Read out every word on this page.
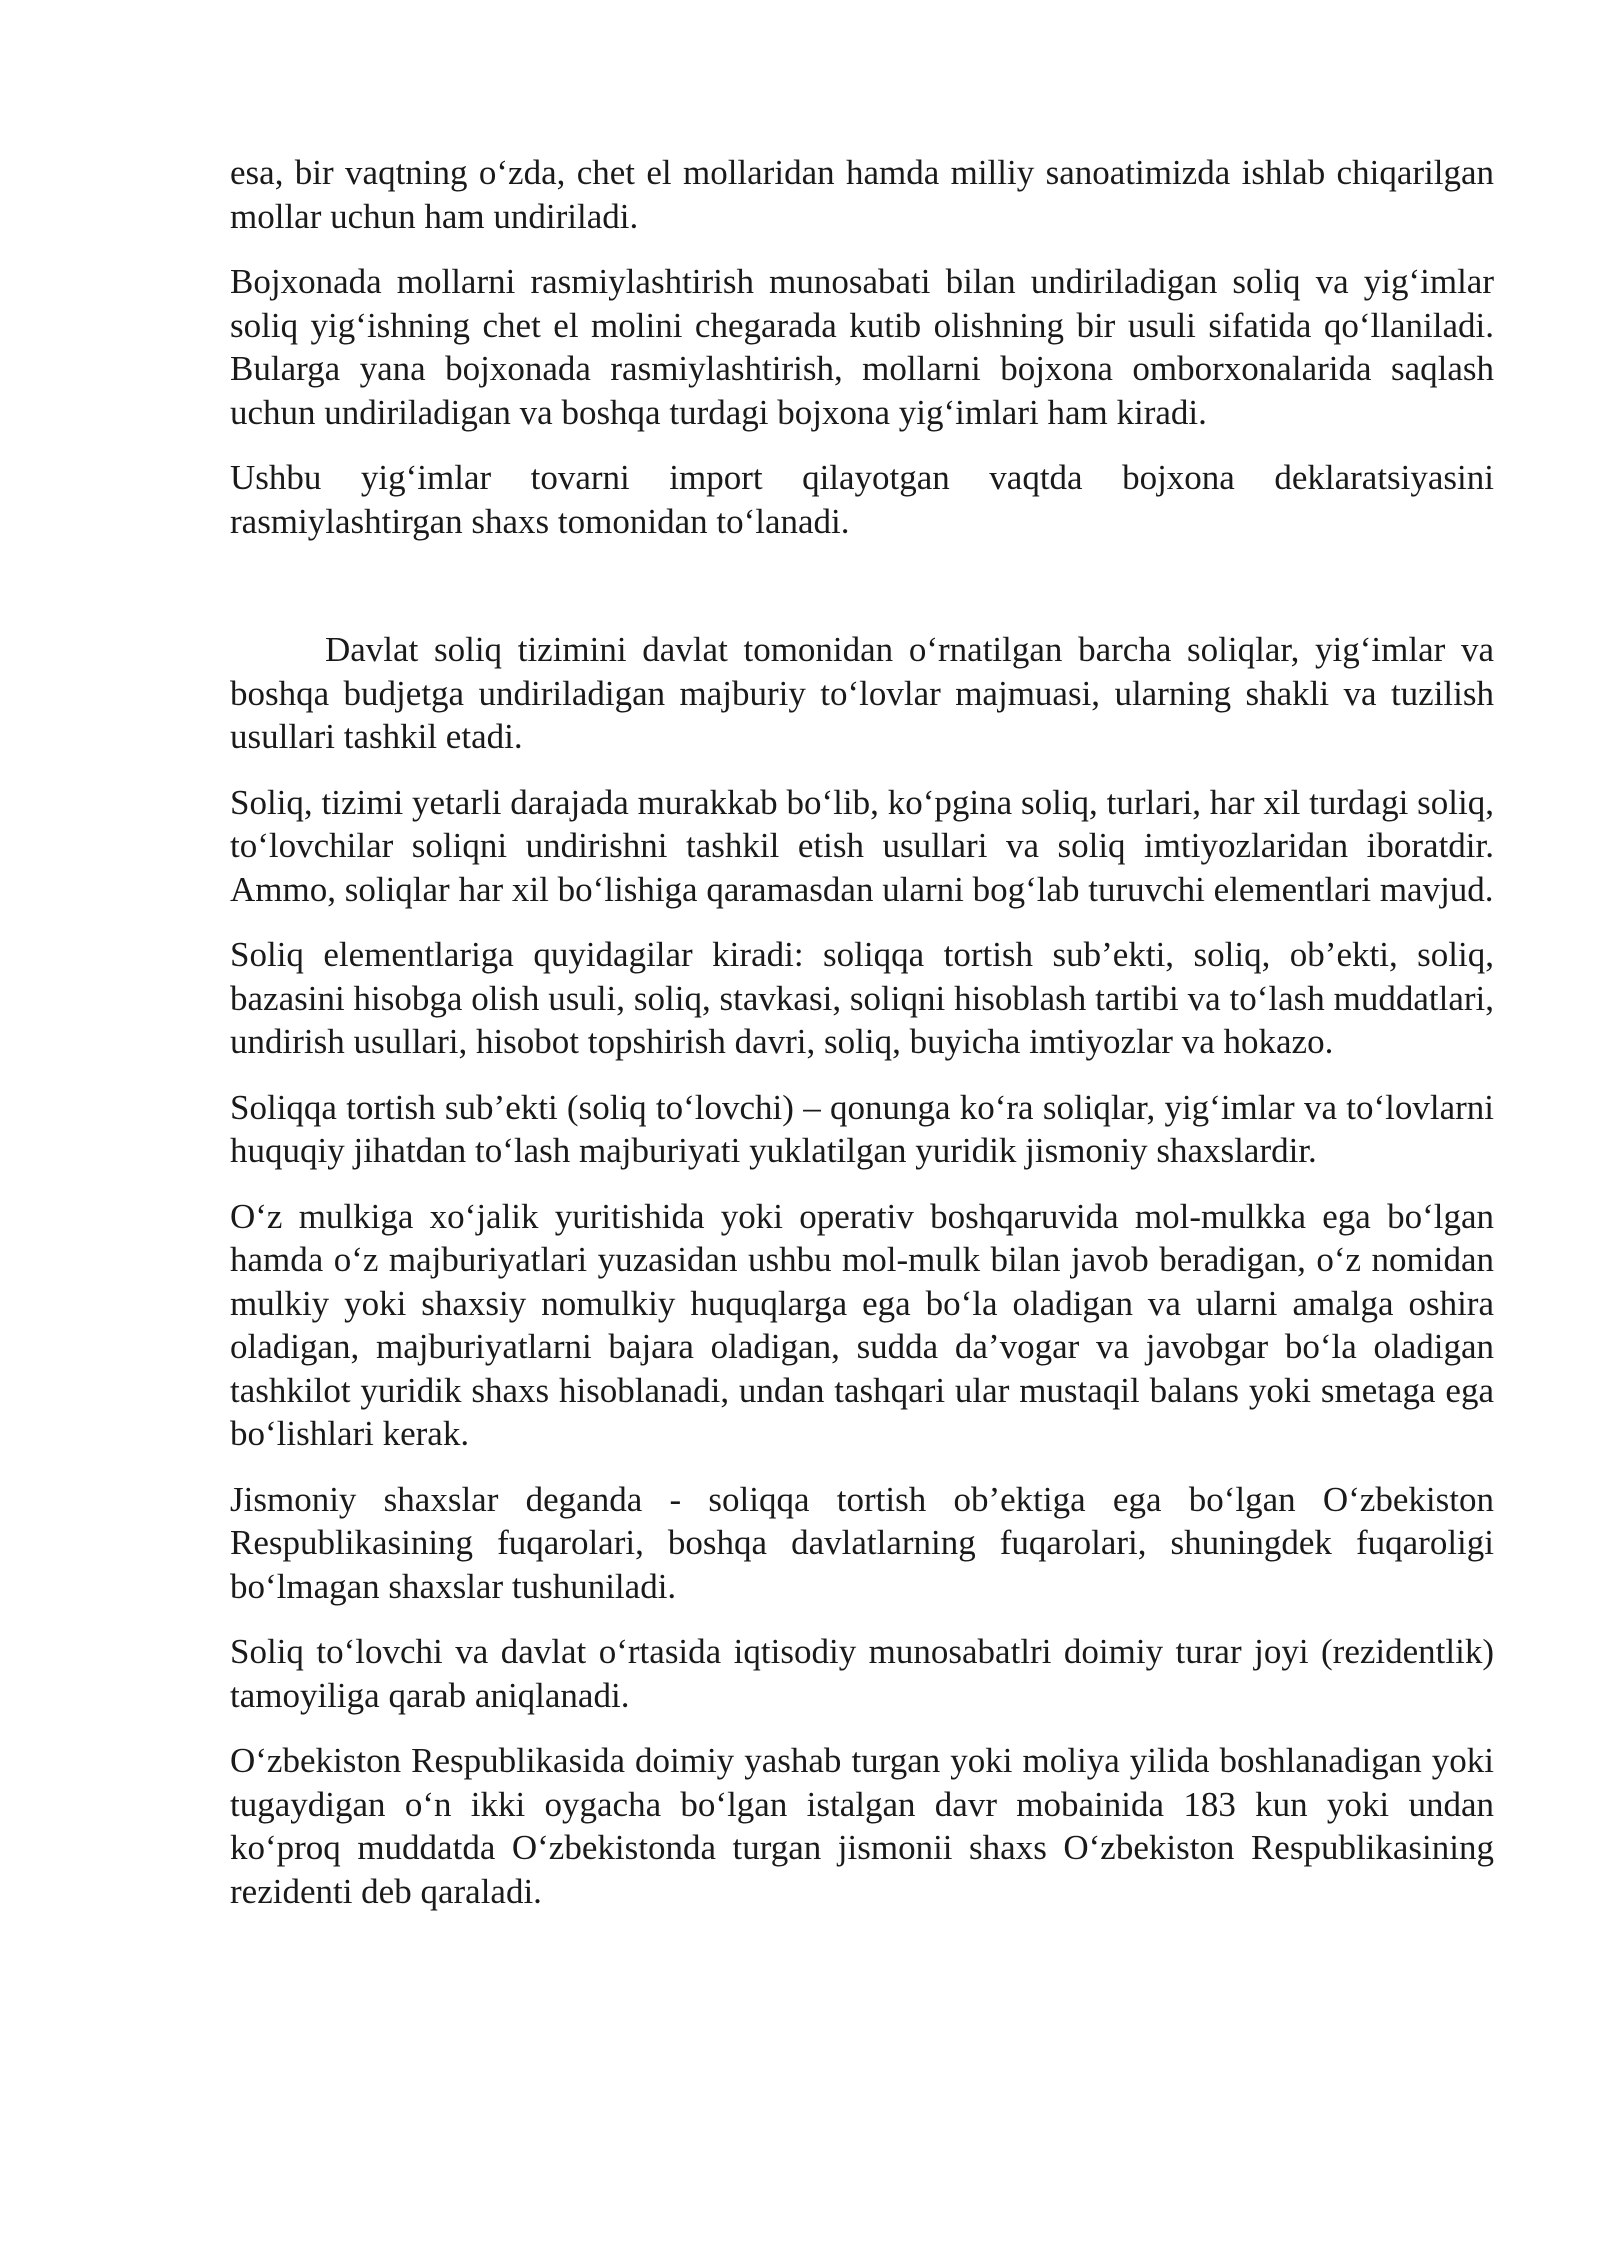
esa, bir vaqtning o‘zda, chet el mollaridan hamda milliy sanoatimizda ishlab chiqarilgan mollar uchun ham undiriladi.

Bojxonada mollarni rasmiylashtirish munosabati bilan undiriladigan soliq va yig‘imlar soliq yig‘ishning chet el molini chegarada kutib olishning bir usuli sifatida qo‘llaniladi. Bularga yana bojxonada rasmiylashtirish, mollarni bojxona omborxonalarida saqlash uchun undiriladigan va boshqa turdagi bojxona yig‘imlari ham kiradi.

Ushbu yig‘imlar tovarni import qilayotgan vaqtda bojxona deklaratsiyasini rasmiylashtirgan shaxs tomonidan to‘lanadi.

Davlat soliq tizimini davlat tomonidan o‘rnatilgan barcha soliqlar, yig‘imlar va boshqa budjetga undiriladigan majburiy to‘lovlar majmuasi, ularning shakli va tuzilish usullari tashkil etadi.

Soliq, tizimi yetarli darajada murakkab bo‘lib, ko‘pgina soliq, turlari, har xil turdagi soliq, to‘lovchilar soliqni undirishni tashkil etish usullari va soliq imtiyozlaridan iboratdir. Ammo, soliqlar har xil bo‘lishiga qaramasdan ularni bog‘lab turuvchi elementlari mavjud.

Soliq elementlariga quyidagilar kiradi: soliqqa tortish sub’ekti, soliq, ob’ekti, soliq, bazasini hisobga olish usuli, soliq, stavkasi, soliqni hisoblash tartibi va to‘lash muddatlari, undirish usullari, hisobot topshirish davri, soliq, buyicha imtiyozlar va hokazo.

Soliqqa tortish sub’ekti (soliq to‘lovchi) – qonunga ko‘ra soliqlar, yig‘imlar va to‘lovlarni huquqiy jihatdan to‘lash majburiyati yuklatilgan yuridik jismoniy shaxslardir.

O‘z mulkiga xo‘jalik yuritishida yoki operativ boshqaruvida mol-mulkka ega bo‘lgan hamda o‘z majburiyatlari yuzasidan ushbu mol-mulk bilan javob beradigan, o‘z nomidan mulkiy yoki shaxsiy nomulkiy huquqlarga ega bo‘la oladigan va ularni amalga oshira oladigan, majburiyatlarni bajara oladigan, sudda da’vogar va javobgar bo‘la oladigan tashkilot yuridik shaxs hisoblanadi, undan tashqari ular mustaqil balans yoki smetaga ega bo‘lishlari kerak.

Jismoniy shaxslar deganda - soliqqa tortish ob’ektiga ega bo‘lgan O‘zbekiston Respublikasining fuqarolari, boshqa davlatlarning fuqarolari, shuningdek fuqaroligi bo‘lmagan shaxslar tushuniladi.

Soliq to‘lovchi va davlat o‘rtasida iqtisodiy munosabatlri doimiy turar joyi (rezidentlik) tamoyiliga qarab aniqlanadi.

O‘zbekiston Respublikasida doimiy yashab turgan yoki moliya yilida boshlanadigan yoki tugaydigan o‘n ikki oygacha bo‘lgan istalgan davr mobainida 183 kun yoki undan ko‘proq muddatda O‘zbekistonda turgan jismonii shaxs O‘zbekiston Respublikasining rezidenti deb qaraladi.
